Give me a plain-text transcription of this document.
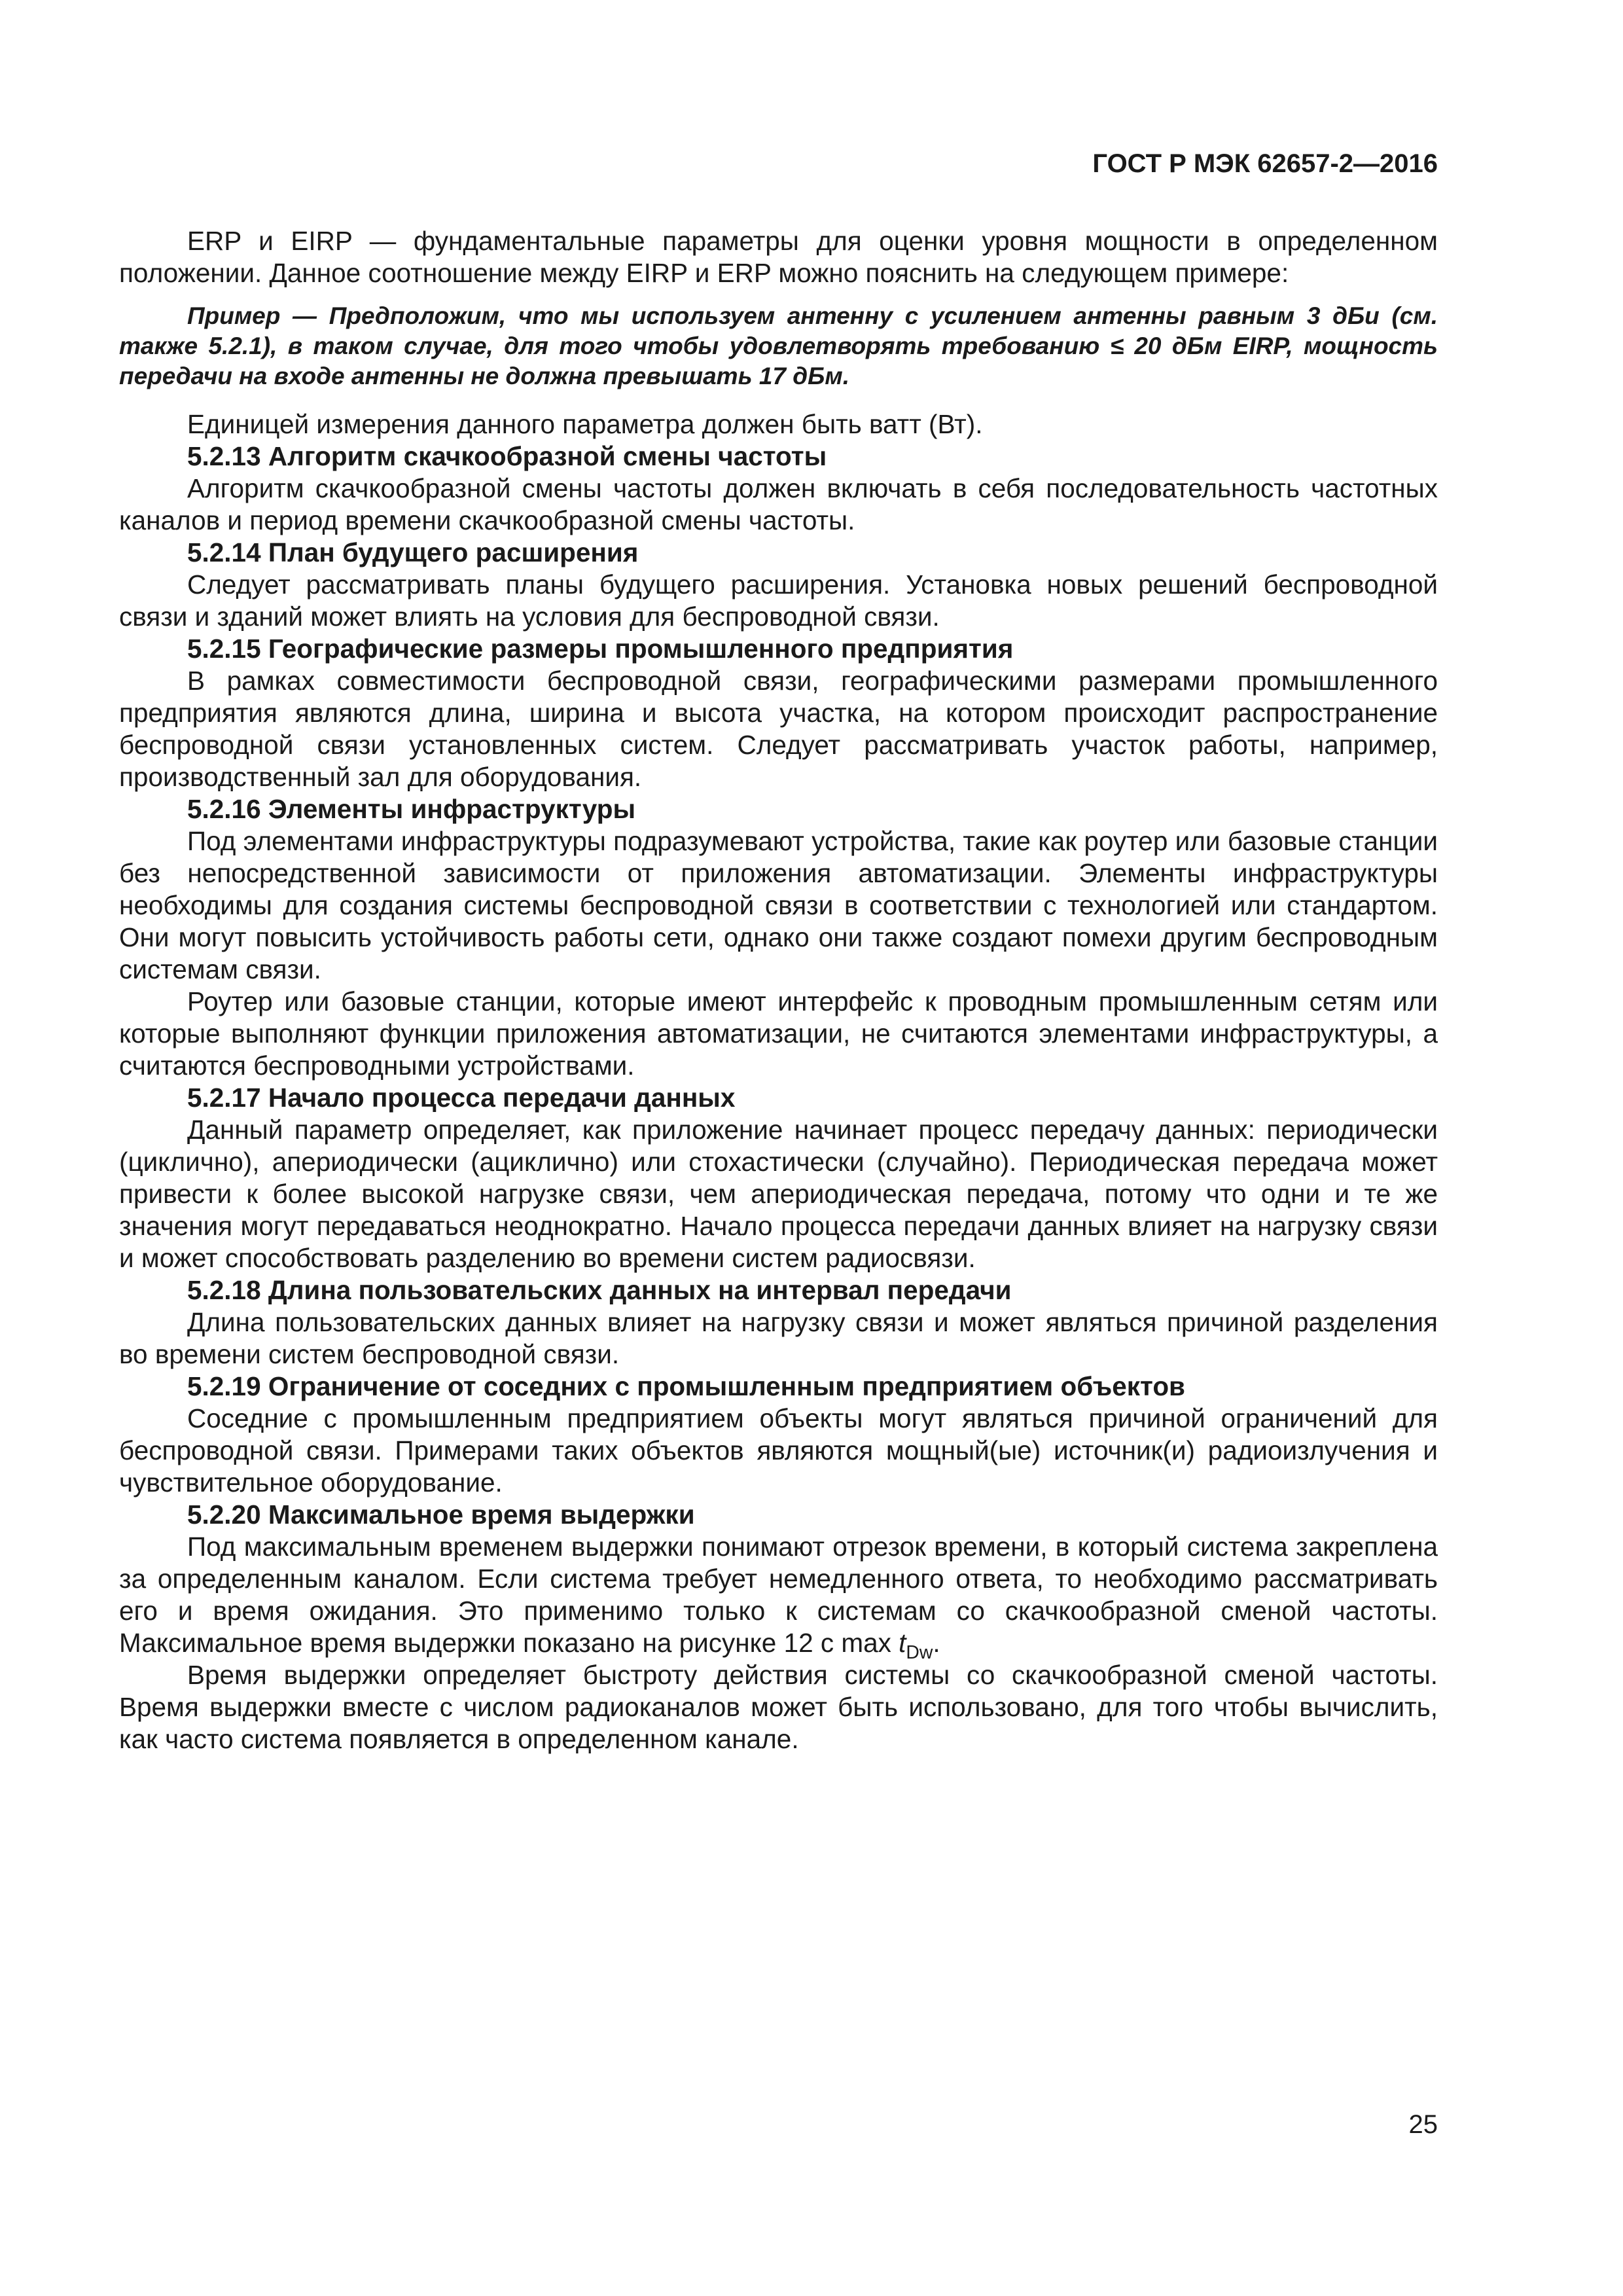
ГОСТ Р МЭК 62657-2—2016

ERP и EIRP — фундаментальные параметры для оценки уровня мощности в определенном положении. Данное соотношение между EIRP и ERP можно пояснить на следующем примере:

Пример — Предположим, что мы используем антенну с усилением антенны равным 3 дБи (см. также 5.2.1), в таком случае, для того чтобы удовлетворять требованию ≤ 20 дБм EIRP, мощность передачи на входе антенны не должна превышать 17 дБм.

Единицей измерения данного параметра должен быть ватт (Вт).

5.2.13 Алгоритм скачкообразной смены частоты

Алгоритм скачкообразной смены частоты должен включать в себя последовательность частотных каналов и период времени скачкообразной смены частоты.

5.2.14 План будущего расширения

Следует рассматривать планы будущего расширения. Установка новых решений беспроводной связи и зданий может влиять на условия для беспроводной связи.

5.2.15 Географические размеры промышленного предприятия

В рамках совместимости беспроводной связи, географическими размерами промышленного предприятия являются длина, ширина и высота участка, на котором происходит распространение беспроводной связи установленных систем. Следует рассматривать участок работы, например, производственный зал для оборудования.

5.2.16 Элементы инфраструктуры

Под элементами инфраструктуры подразумевают устройства, такие как роутер или базовые станции без непосредственной зависимости от приложения автоматизации. Элементы инфраструктуры необходимы для создания системы беспроводной связи в соответствии с технологией или стандартом. Они могут повысить устойчивость работы сети, однако они также создают помехи другим беспроводным системам связи.

Роутер или базовые станции, которые имеют интерфейс к проводным промышленным сетям или которые выполняют функции приложения автоматизации, не считаются элементами инфраструктуры, а считаются беспроводными устройствами.

5.2.17 Начало процесса передачи данных

Данный параметр определяет, как приложение начинает процесс передачу данных: периодически (циклично), апериодически (ациклично) или стохастически (случайно). Периодическая передача может привести к более высокой нагрузке связи, чем апериодическая передача, потому что одни и те же значения могут передаваться неоднократно. Начало процесса передачи данных влияет на нагрузку связи и может способствовать разделению во времени систем радиосвязи.

5.2.18 Длина пользовательских данных на интервал передачи

Длина пользовательских данных влияет на нагрузку связи и может являться причиной разделения во времени систем беспроводной связи.

5.2.19 Ограничение от соседних с промышленным предприятием объектов

Соседние с промышленным предприятием объекты могут являться причиной ограничений для беспроводной связи. Примерами таких объектов являются мощный(ые) источник(и) радиоизлучения и чувствительное оборудование.

5.2.20 Максимальное время выдержки

Под максимальным временем выдержки понимают отрезок времени, в который система закреплена за определенным каналом. Если система требует немедленного ответа, то необходимо рассматривать его и время ожидания. Это применимо только к системам со скачкообразной сменой частоты. Максимальное время выдержки показано на рисунке 12 с $\max t_{Dw}$.

Время выдержки определяет быстроту действия системы со скачкообразной сменой частоты. Время выдержки вместе с числом радиоканалов может быть использовано, для того чтобы вычислить, как часто система появляется в определенном канале.

25
